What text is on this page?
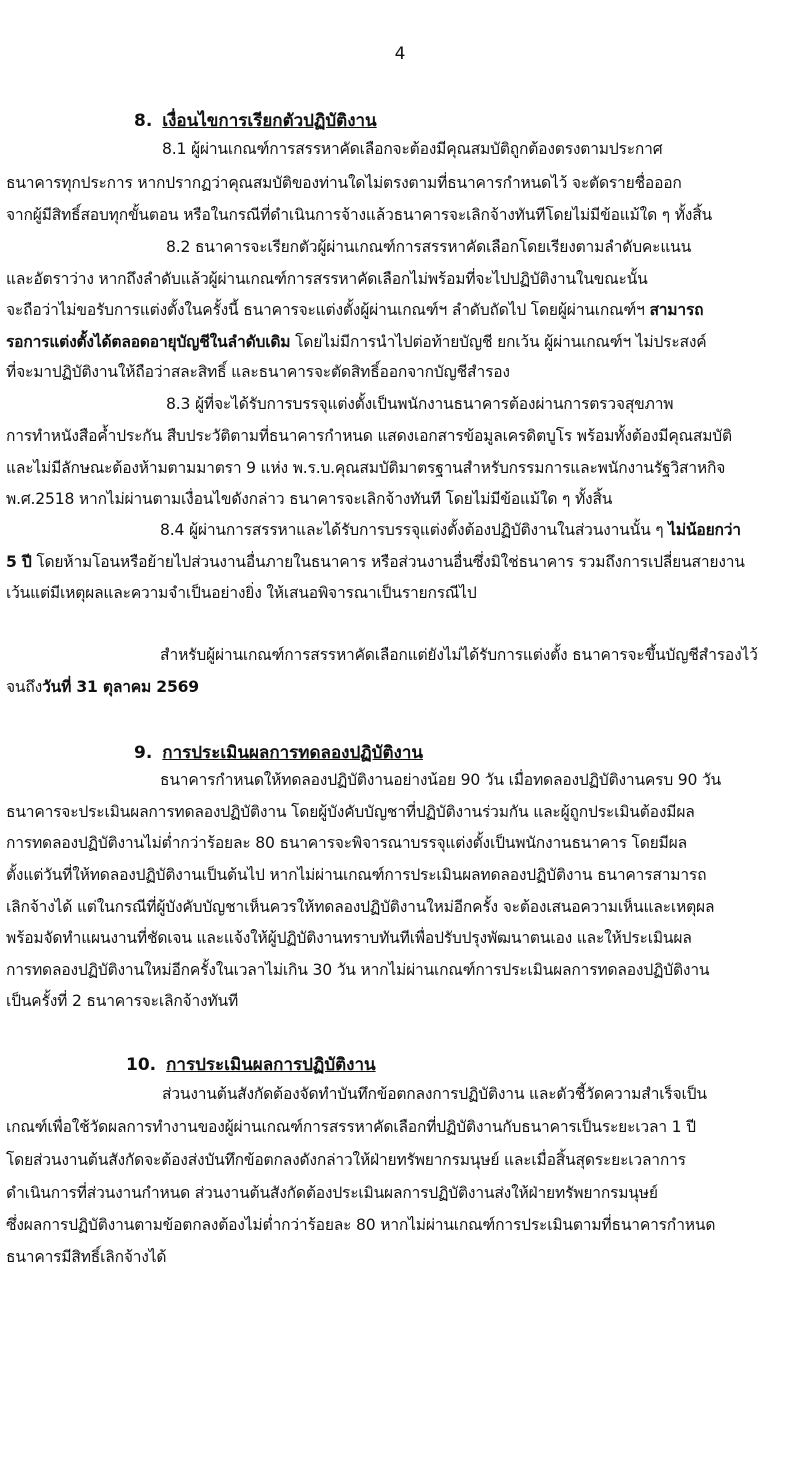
4
8. เงื่อนไขการเรียกตัวปฏิบัติงาน
8.1 ผู้ผ่านเกณฑ์การสรรหาคัดเลือกจะต้องมีคุณสมบัติถูกต้องตรงตามประกาศ
ธนาคารทุกประการ หากปรากฏว่าคุณสมบัติของท่านใดไม่ตรงตามที่ธนาคารกำหนดไว้ จะตัดรายชื่อออก
จากผู้มีสิทธิ์สอบทุกขั้นตอน หรือในกรณีที่ดำเนินการจ้างแล้วธนาคารจะเลิกจ้างทันทีโดยไม่มีข้อแม้ใด ๆ ทั้งสิ้น
8.2 ธนาคารจะเรียกตัวผู้ผ่านเกณฑ์การสรรหาคัดเลือกโดยเรียงตามลำดับคะแนน
และอัตราว่าง หากถึงลำดับแล้วผู้ผ่านเกณฑ์การสรรหาคัดเลือกไม่พร้อมที่จะไปปฏิบัติงานในขณะนั้น
จะถือว่าไม่ขอรับการแต่งตั้งในครั้งนี้ ธนาคารจะแต่งตั้งผู้ผ่านเกณฑ์ฯ ลำดับถัดไป โดยผู้ผ่านเกณฑ์ฯ สามารถ
รอการแต่งตั้งได้ตลอดอายุบัญชีในลำดับเดิม โดยไม่มีการนำไปต่อท้ายบัญชี ยกเว้น ผู้ผ่านเกณฑ์ฯ ไม่ประสงค์
ที่จะมาปฏิบัติงานให้ถือว่าสละสิทธิ์ และธนาคารจะตัดสิทธิ์ออกจากบัญชีสำรอง
8.3 ผู้ที่จะได้รับการบรรจุแต่งตั้งเป็นพนักงานธนาคารต้องผ่านการตรวจสุขภาพ
การทำหนังสือค้ำประกัน สืบประวัติตามที่ธนาคารกำหนด แสดงเอกสารข้อมูลเครดิตบูโร พร้อมทั้งต้องมีคุณสมบัติ
และไม่มีลักษณะต้องห้ามตามมาตรา 9 แห่ง พ.ร.บ.คุณสมบัติมาตรฐานสำหรับกรรมการและพนักงานรัฐวิสาหกิจ
พ.ศ.2518 หากไม่ผ่านตามเงื่อนไขดังกล่าว ธนาคารจะเลิกจ้างทันที โดยไม่มีข้อแม้ใด ๆ ทั้งสิ้น
8.4 ผู้ผ่านการสรรหาและได้รับการบรรจุแต่งตั้งต้องปฏิบัติงานในส่วนงานนั้น ๆ ไม่น้อยกว่า
5 ปี โดยห้ามโอนหรือย้ายไปส่วนงานอื่นภายในธนาคาร หรือส่วนงานอื่นซึ่งมิใช่ธนาคาร รวมถึงการเปลี่ยนสายงาน
เว้นแต่มีเหตุผลและความจำเป็นอย่างยิ่ง ให้เสนอพิจารณาเป็นรายกรณีไป
สำหรับผู้ผ่านเกณฑ์การสรรหาคัดเลือกแต่ยังไม่ได้รับการแต่งตั้ง ธนาคารจะขึ้นบัญชีสำรองไว้
จนถึงวันที่ 31 ตุลาคม 2569
9. การประเมินผลการทดลองปฏิบัติงาน
ธนาคารกำหนดให้ทดลองปฏิบัติงานอย่างน้อย 90 วัน เมื่อทดลองปฏิบัติงานครบ 90 วัน
ธนาคารจะประเมินผลการทดลองปฏิบัติงาน โดยผู้บังคับบัญชาที่ปฏิบัติงานร่วมกัน และผู้ถูกประเมินต้องมีผล
การทดลองปฏิบัติงานไม่ต่ำกว่าร้อยละ 80 ธนาคารจะพิจารณาบรรจุแต่งตั้งเป็นพนักงานธนาคาร โดยมีผล
ตั้งแต่วันที่ให้ทดลองปฏิบัติงานเป็นต้นไป หากไม่ผ่านเกณฑ์การประเมินผลทดลองปฏิบัติงาน ธนาคารสามารถ
เลิกจ้างได้ แต่ในกรณีที่ผู้บังคับบัญชาเห็นควรให้ทดลองปฏิบัติงานใหม่อีกครั้ง จะต้องเสนอความเห็นและเหตุผล
พร้อมจัดทำแผนงานที่ชัดเจน และแจ้งให้ผู้ปฏิบัติงานทราบทันทีเพื่อปรับปรุงพัฒนาตนเอง และให้ประเมินผล
การทดลองปฏิบัติงานใหม่อีกครั้งในเวลาไม่เกิน 30 วัน หากไม่ผ่านเกณฑ์การประเมินผลการทดลองปฏิบัติงาน
เป็นครั้งที่ 2 ธนาคารจะเลิกจ้างทันที
10. การประเมินผลการปฏิบัติงาน
ส่วนงานต้นสังกัดต้องจัดทำบันทึกข้อตกลงการปฏิบัติงาน และตัวชี้วัดความสำเร็จเป็น
เกณฑ์เพื่อใช้วัดผลการทำงานของผู้ผ่านเกณฑ์การสรรหาคัดเลือกที่ปฏิบัติงานกับธนาคารเป็นระยะเวลา 1 ปี
โดยส่วนงานต้นสังกัดจะต้องส่งบันทึกข้อตกลงดังกล่าวให้ฝ่ายทรัพยากรมนุษย์ และเมื่อสิ้นสุดระยะเวลาการ
ดำเนินการที่ส่วนงานกำหนด ส่วนงานต้นสังกัดต้องประเมินผลการปฏิบัติงานส่งให้ฝ่ายทรัพยากรมนุษย์
ซึ่งผลการปฏิบัติงานตามข้อตกลงต้องไม่ต่ำกว่าร้อยละ 80 หากไม่ผ่านเกณฑ์การประเมินตามที่ธนาคารกำหนด
ธนาคารมีสิทธิ์เลิกจ้างได้
